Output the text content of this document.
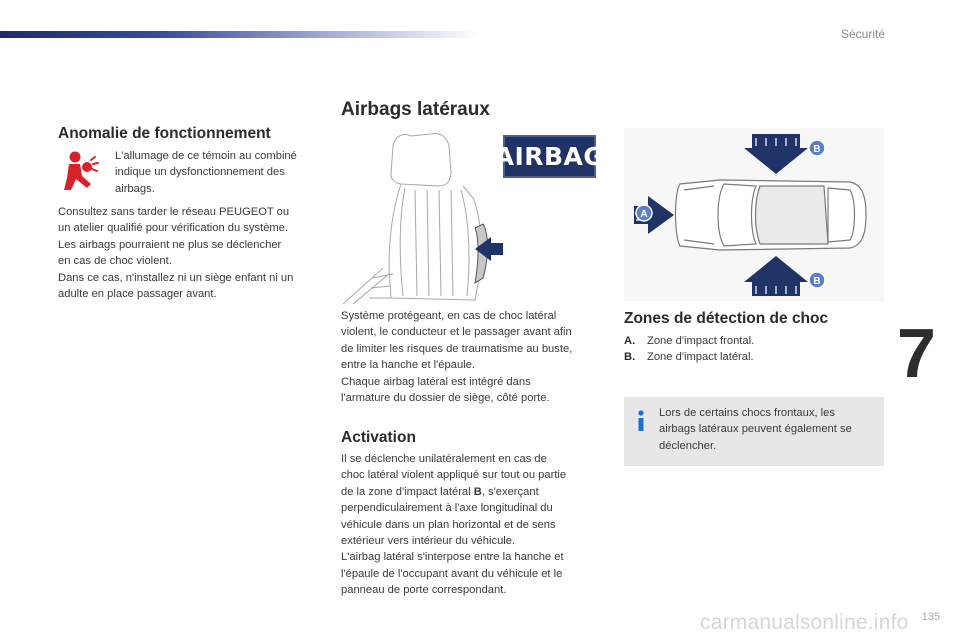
Sécurité
Anomalie de fonctionnement

L'allumage de ce témoin au combiné
indique un dysfonctionnement des
airbags.

Consultez sans tarder le réseau PEUGEOT ou
un atelier qualifié pour vérification du système.
Les airbags pourraient ne plus se déclencher
en cas de choc violent.
Dans ce cas, n'installez ni un siège enfant ni un
adulte en place passager avant.

Airbags latéraux
AIRBAG

Système protégeant, en cas de choc latéral
violent, le conducteur et le passager avant afin
de limiter les risques de traumatisme au buste,
entre la hanche et l'épaule.
Chaque airbag latéral est intégré dans
l'armature du dossier de siège, côté porte.

Activation

Il se déclenche unilatéralement en cas de
choc latéral violent appliqué sur tout ou partie
de la zone d'impact latéral B, s'exerçant
perpendiculairement à l'axe longitudinal du
véhicule dans un plan horizontal et de sens
extérieur vers intérieur du véhicule.
L'airbag latéral s'interpose entre la hanche et
l'épaule de l'occupant avant du véhicule et le
panneau de porte correspondant.

A
B
B
Zones de détection de choc
A.	Zone d'impact frontal.
B.	Zone d'impact latéral.

Lors de certains chocs frontaux, les
airbags latéraux peuvent également se
déclencher.

7
carmanualsonline.info 135
